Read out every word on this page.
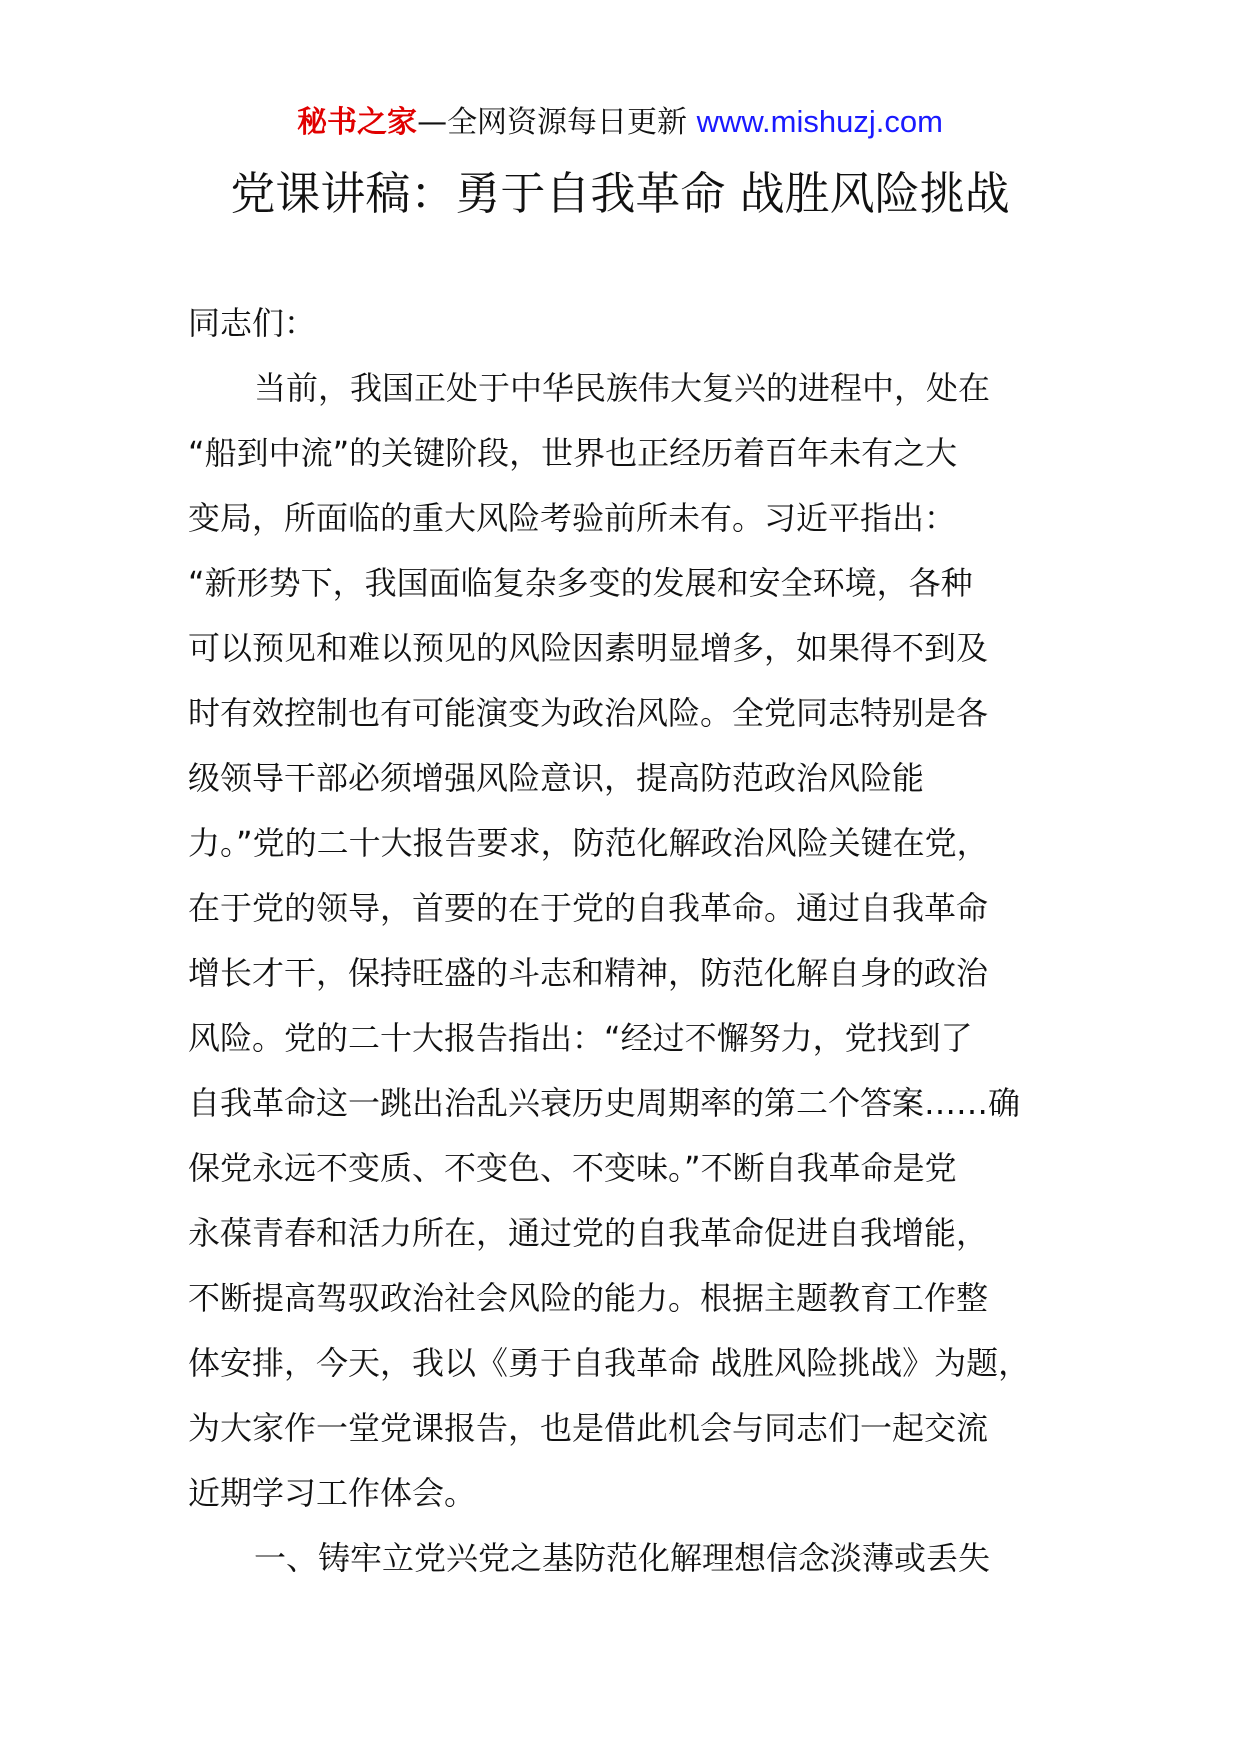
秘书之家—全网资源每日更新 www.mishuzj.com
党课讲稿：勇于自我革命 战胜风险挑战
同志们：
当前，我国正处于中华民族伟大复兴的进程中，处在
“船到中流”的关键阶段，世界也正经历着百年未有之大
变局，所面临的重大风险考验前所未有。习近平指出：
“新形势下，我国面临复杂多变的发展和安全环境，各种
可以预见和难以预见的风险因素明显增多，如果得不到及
时有效控制也有可能演变为政治风险。全党同志特别是各
级领导干部必须增强风险意识，提高防范政治风险能
力。”党的二十大报告要求，防范化解政治风险关键在党，
在于党的领导，首要的在于党的自我革命。通过自我革命
增长才干，保持旺盛的斗志和精神，防范化解自身的政治
风险。党的二十大报告指出：“经过不懈努力，党找到了
自我革命这一跳出治乱兴衰历史周期率的第二个答案……确
保党永远不变质、不变色、不变味。”不断自我革命是党
永葆青春和活力所在，通过党的自我革命促进自我增能，
不断提高驾驭政治社会风险的能力。根据主题教育工作整
体安排，今天，我以《勇于自我革命 战胜风险挑战》为题，
为大家作一堂党课报告，也是借此机会与同志们一起交流
近期学习工作体会。
一、铸牢立党兴党之基防范化解理想信念淡薄或丢失
